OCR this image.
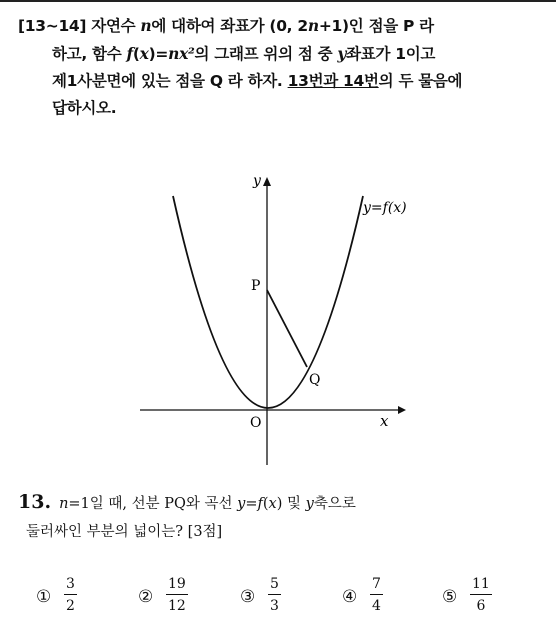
[13~14] 자연수 n에 대하여 좌표가 (0, 2n+1)인 점을 P 라
하고, 함수 f(x)=nx²의 그래프 위의 점 중 y좌표가 1이고
제1사분면에 있는 점을 Q 라 하자. 13번과 14번의 두 물음에
답하시오.
O	x
y
y=f(x)
P
Q
13. n=1일 때, 선분 PQ와 곡선 y=f(x) 및 y축으로
둘러싸인 부분의 넓이는? [3점]
① $\frac{3}{2}$	② $\frac{19}{12}$	③ $\frac{5}{3}$	④ $\frac{7}{4}$	⑤ $\frac{11}{6}$
